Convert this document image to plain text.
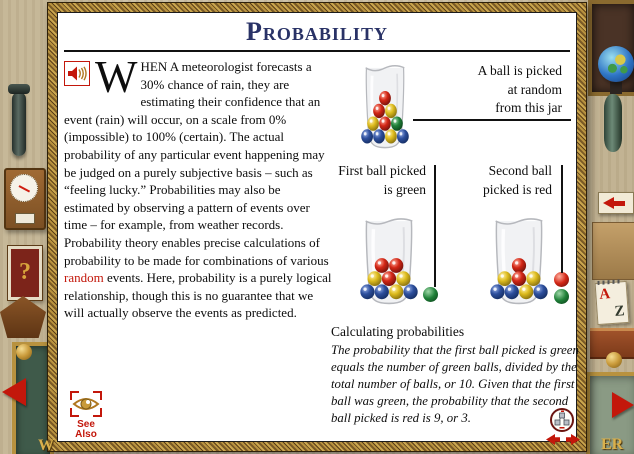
?
W
A
Z
ER
Probability
WHEN A meteorologist forecasts a 30% chance of rain, they are estimating their confidence that an event (rain) will occur, on a scale from 0% (impossible) to 100% (certain). The actual probability of any particular event happening may be judged on a purely subjective basis – such as “feeling lucky.” Probabilities may also be estimated by observing a pattern of events over time – for example, from weather records. Probability theory enables precise calculations of probability to be made for combinations of various random events. Here, probability is a purely logical relationship, though this is no guarantee that we will actually observe the events as predicted.
See
Also
A ball is picked
at random
from this jar
First ball picked
is green
Second ball
picked is red
Calculating probabilities
The probability that the first ball picked is green equals the number of green balls, divided by the total number of balls, or 10. Given that the first ball was green, the probability that the second ball picked is red is 9, or 3.
